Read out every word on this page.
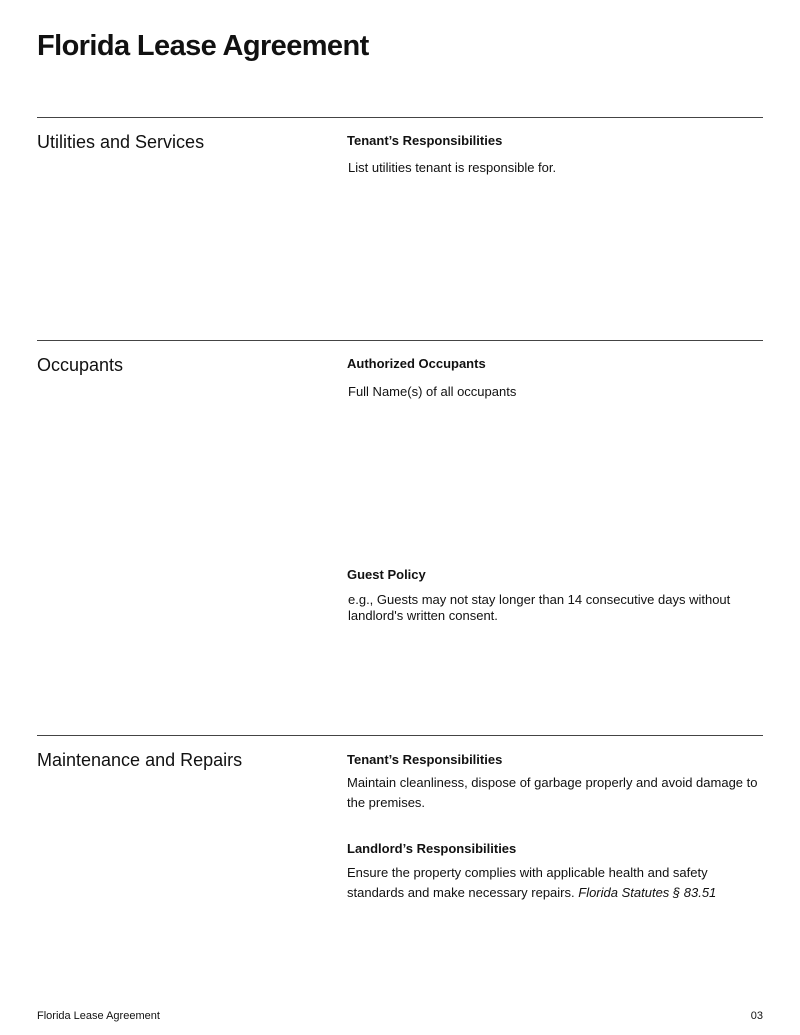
Florida Lease Agreement
Utilities and Services	Tenant’s Responsibilities
List utilities tenant is responsible for.
Occupants	Authorized Occupants
Full Name(s) of all occupants
Guest Policy
e.g., Guests may not stay longer than 14 consecutive days without landlord's written consent.
Maintenance and Repairs	Tenant’s Responsibilities
Maintain cleanliness, dispose of garbage properly and avoid damage to the premises.
Landlord’s Responsibilities
Ensure the property complies with applicable health and safety standards and make necessary repairs. Florida Statutes § 83.51
Florida Lease Agreement	03
